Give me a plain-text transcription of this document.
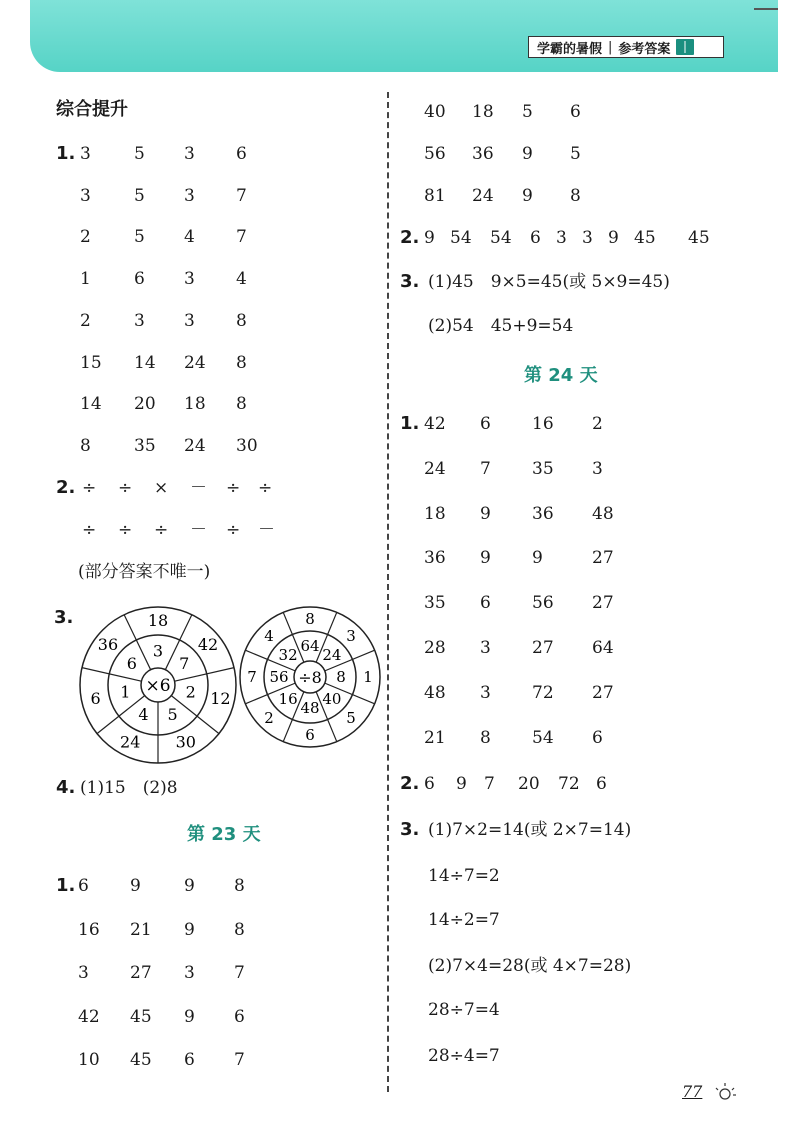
学霸的暑假 | 参考答案
综合提升
1. 3	5 3 6
3	5 3 7
2	5 4 7
1	6 3 4
2	3 3 8
15 14 24 8
14 20 18 8
8	35 24 30
2. ÷ ÷ × － ÷ ÷
÷ ÷ ÷ － ÷ －
(部分答案不唯一)
3.
×6
3
7
2
5
4
1
6
18
42
12
30
24
6
36
÷8
64
24
8
40
48
16
56
32
8
3
1
5
6
2
7
4
4. (1)15　(2)8
第 23 天
1. 6 9	9 8
16 21 9 8
3 27 3 7
42 45 9 6
10 45 6 7
40 18 5 6
56 36 9 5
81 24 9 8
2. 9 54 54 6 3 3 9 45 45
3. (1)45　9×5=45(或 5×9=45)
(2)54　45+9=54
第 24 天
1. 42 6 16 2
24 7 35 3
18 9 36 48
36 9 9	27
35 6 56 27
28 3 27 64
48 3 72 27
21 8 54 6
2. 6 9 7 20 72 6
3. (1)7×2=14(或 2×7=14)
14÷7=2
14÷2=7
(2)7×4=28(或 4×7=28)
28÷7=4
28÷4=7
77
